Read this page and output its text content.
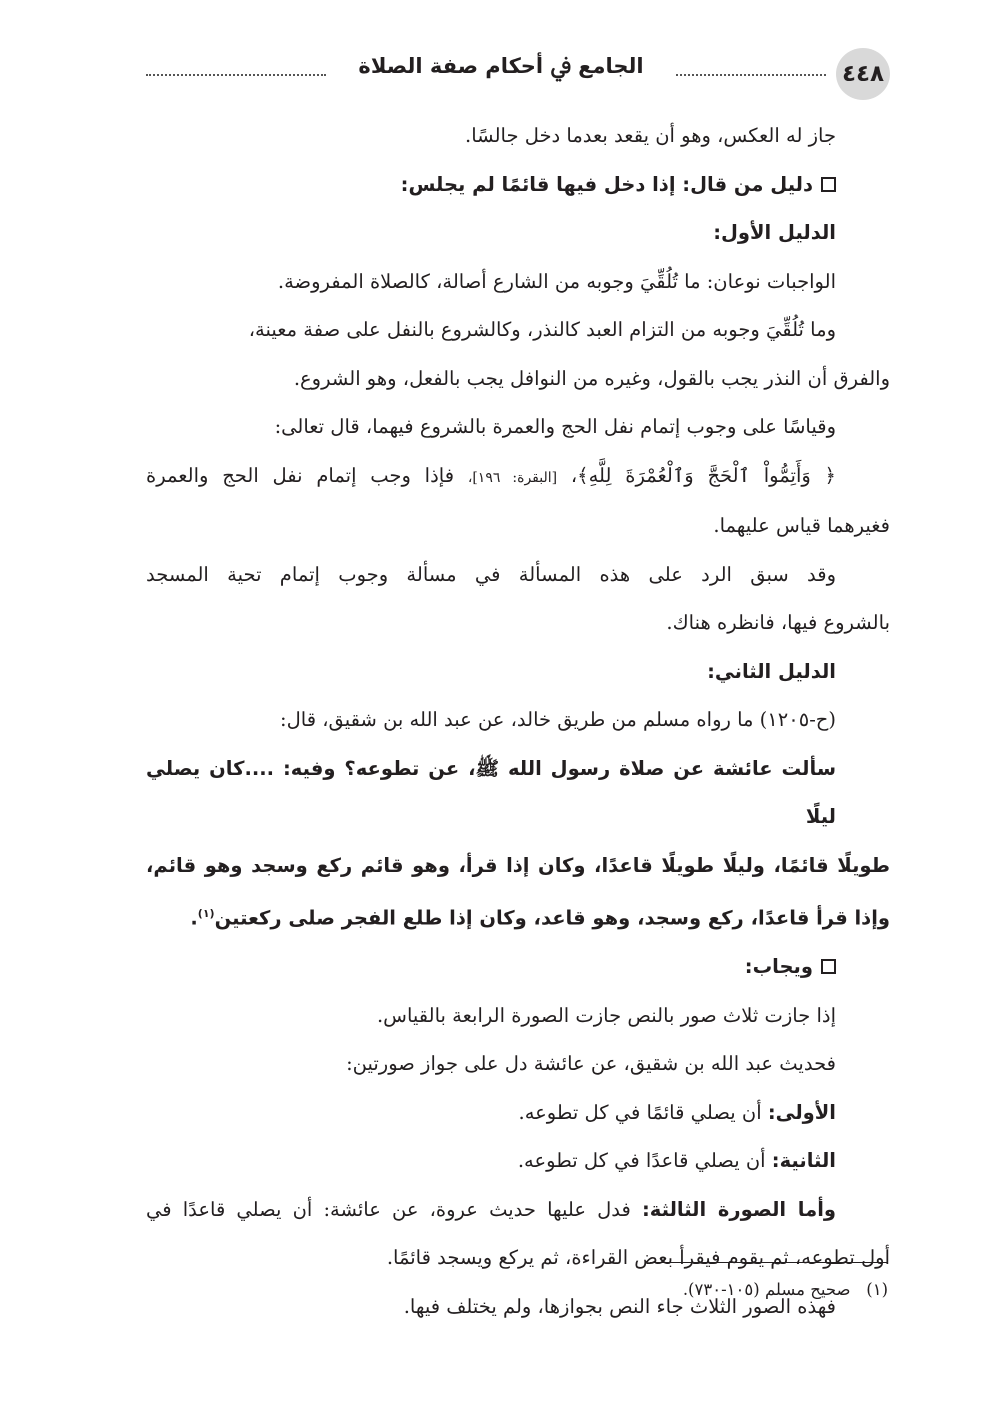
٤٤٨
الجامع ﰲ أحكام صفة الصلاة

جاز له العكس، وهو أن يقعد بعدما دخل جالسًا.

دليل من قال: إذا دخل فيها قائمًا لم يجلس:

الدليل الأول:

الواجبات نوعان: ما تُلُقِّيَ وجوبه من الشارع أصالة، كالصلاة المفروضة.

وما تُلُقِّيَ وجوبه من التزام العبد كالنذر، وكالشروع بالنفل على صفة معينة،

والفرق أن النذر يجب بالقول، وغيره من النوافل يجب بالفعل، وهو الشروع.

وقياسًا على وجوب إتمام نفل الحج والعمرة بالشروع فيهما، قال تعالى:

﴿ وَأَتِمُّواْ ٱلْحَجَّ وَٱلْعُمْرَةَ لِلَّهِ﴾، [البقرة: ١٩٦]، فإذا وجب إتمام نفل الحج والعمرة

فغيرهما قياس عليهما.

وقد سبق الرد على هذه المسألة في مسألة وجوب إتمام تحية المسجد

بالشروع فيها، فانظره هناك.

الدليل الثاني:

(ح-١٢٠٥) ما رواه مسلم من طريق خالد، عن عبد الله بن شقيق، قال:

سألت عائشة عن صلاة رسول الله ﷺ، عن تطوعه؟ وفيه: ....كان يصلي ليلًا

طويلًا قائمًا، وليلًا طويلًا قاعدًا، وكان إذا قرأ، وهو قائم ركع وسجد وهو قائم،

وإذا قرأ قاعدًا، ركع وسجد، وهو قاعد، وكان إذا طلع الفجر صلى ركعتين$^{(١)}$.

ويجاب:

إذا جازت ثلاث صور بالنص جازت الصورة الرابعة بالقياس.

فحديث عبد الله بن شقيق، عن عائشة دل على جواز صورتين:

الأولى: أن يصلي قائمًا في كل تطوعه.

الثانية: أن يصلي قاعدًا في كل تطوعه.

وأما الصورة الثالثة: فدل عليها حديث عروة، عن عائشة: أن يصلي قاعدًا في

أول تطوعه، ثم يقوم فيقرأ بعض القراءة، ثم يركع ويسجد قائمًا.

فهذه الصور الثلاث جاء النص بجوازها، ولم يختلف فيها.

(١)   صحيح مسلم (١٠٥-٧٣٠).
